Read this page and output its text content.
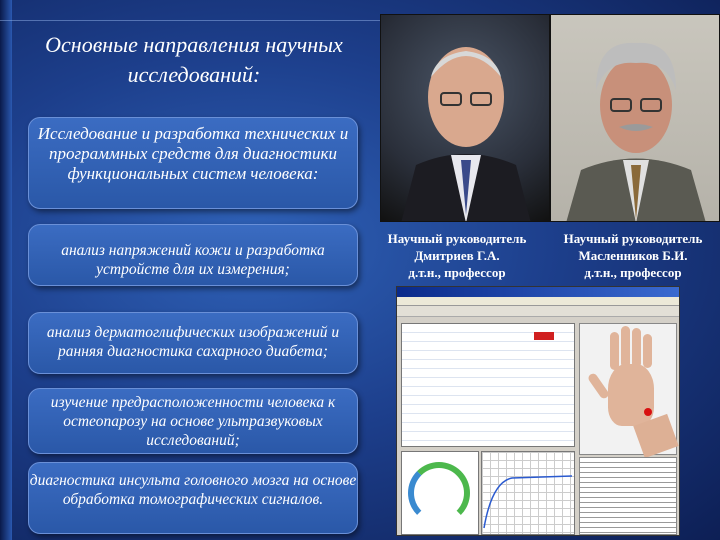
Основные направления научных исследований:
Исследование и разработка технических и программных средств для диагностики функциональных систем человека:
анализ напряжений кожи и разработка устройств для их измерения;
анализ дерматоглифических изображений и ранняя диагностика сахарного диабета;
изучение предрасположенности человека к остеопарозу на основе ультразвуковых исследований;
диагностика инсульта головного мозга на основе обработка томографических сигналов.
Научный руководитель
Дмитриев Г.А.
д.т.н., профессор
Научный руководитель
Масленников Б.И.
д.т.н., профессор
